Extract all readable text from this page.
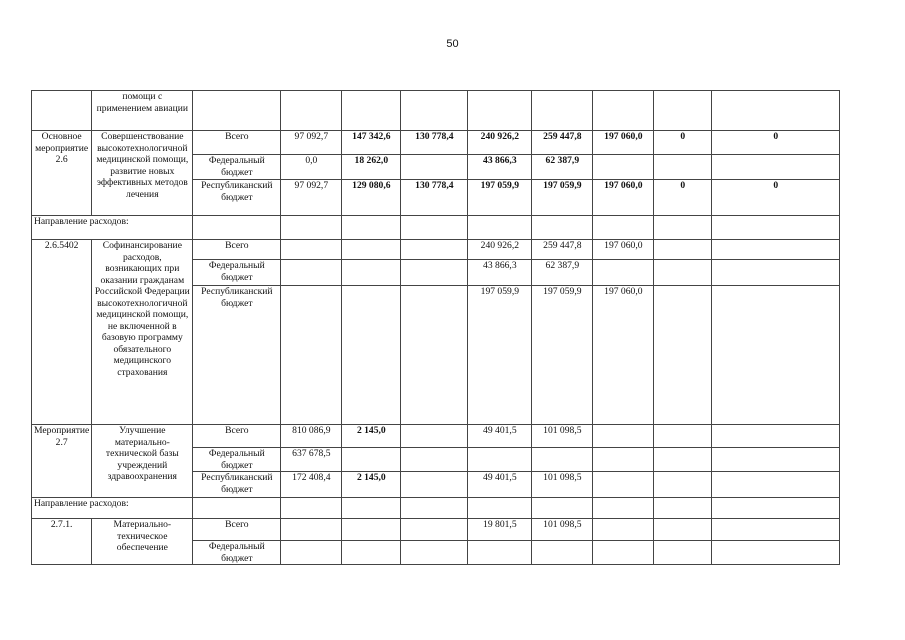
50
	помощи с применением авиации									
Основное мероприятие 2.6	Совершенствование высокотехнологичной медицинской помощи, развитие новых эффективных методов лечения	Всего	97 092,7	147 342,6	130 778,4	240 926,2	259 447,8	197 060,0	0	0
		Федеральный бюджет	0,0	18 262,0		43 866,3	62 387,9			
		Республиканский бюджет	97 092,7	129 080,6	130 778,4	197 059,9	197 059,9	197 060,0	0	0
Направление расходов:										
2.6.5402	Софинансирование расходов, возникающих при оказании гражданам Российской Федерации высокотехнологичной медицинской помощи, не включенной в базовую программу обязательного медицинского страхования	Всего				240 926,2	259 447,8	197 060,0		
		Федеральный бюджет				43 866,3	62 387,9			
		Республиканский бюджет				197 059,9	197 059,9	197 060,0		
Мероприятие 2.7	Улучшение материально-технической базы учреждений здравоохранения	Всего	810 086,9	2 145,0		49 401,5	101 098,5			
		Федеральный бюджет	637 678,5							
		Республиканский бюджет	172 408,4	2 145,0		49 401,5	101 098,5			
Направление расходов:										
2.7.1.	Материально-техническое обеспечение	Всего				19 801,5	101 098,5			
		Федеральный бюджет								
